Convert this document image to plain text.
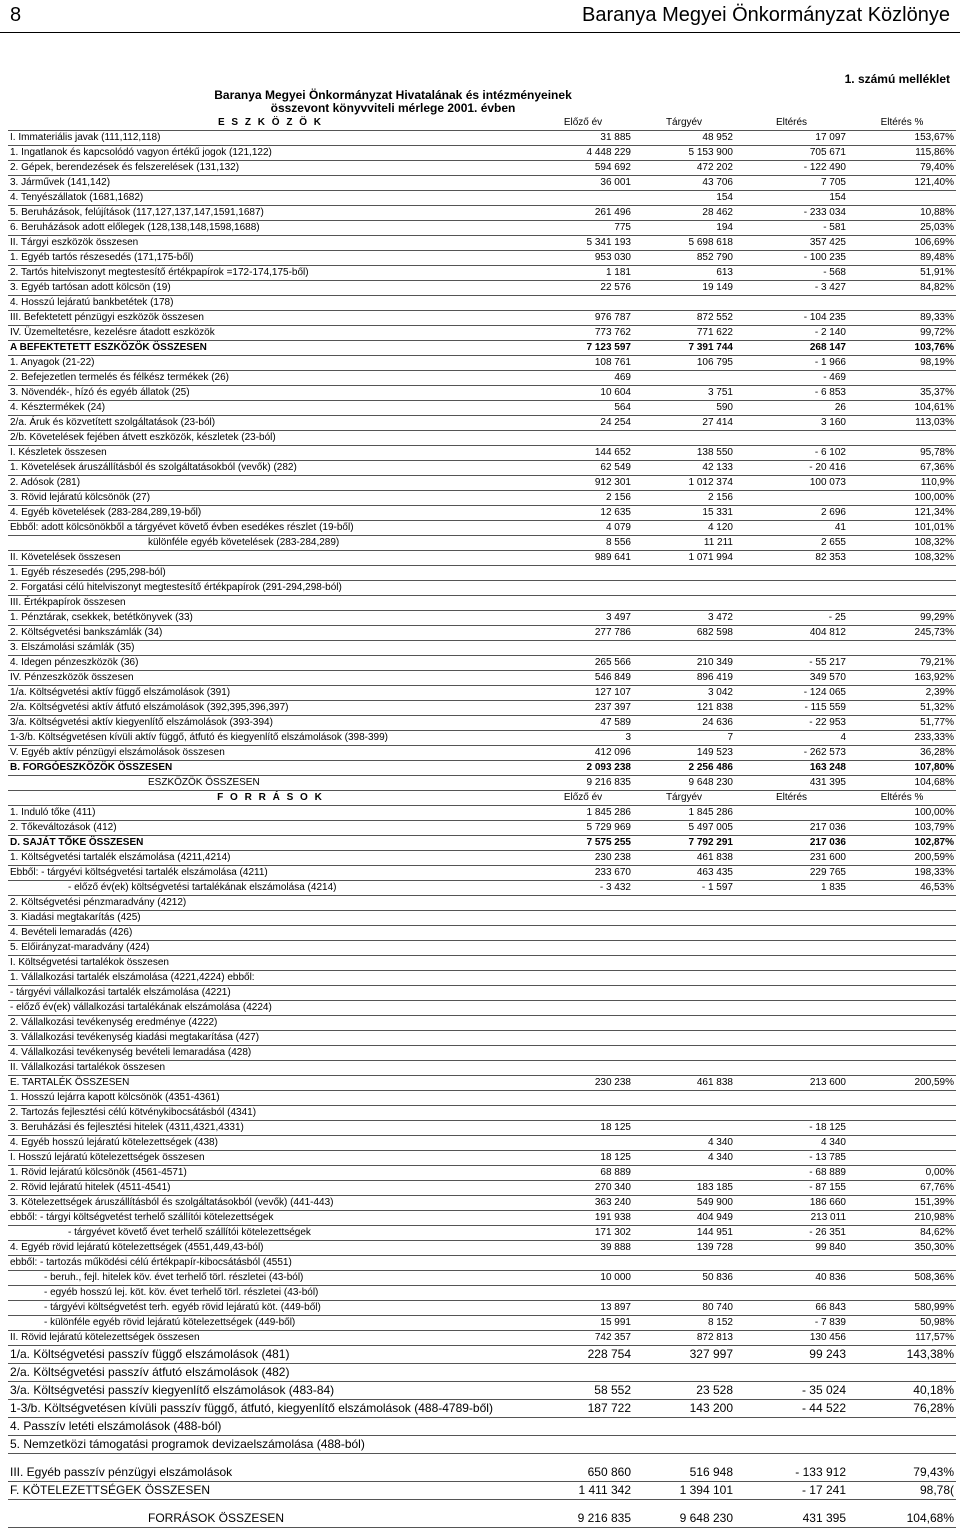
8	Baranya Megyei Önkormányzat Közlönye
1. számú melléklet
Baranya Megyei Önkormányzat Hivatalának és intézményeinek
összevont könyvviteli mérlege 2001. évben
E S Z K Ö Z Ö K	Előző év	Tárgyév	Eltérés	Eltérés %
I. Immateriális javak (111,112,118)	31 885	48 952	17 097	153,67%
1. Ingatlanok és kapcsolódó vagyon értékű jogok (121,122)	4 448 229	5 153 900	705 671	115,86%
2. Gépek, berendezések és felszerelések (131,132)	594 692	472 202	- 122 490	79,40%
3. Járművek (141,142)	36 001	43 706	7 705	121,40%
4. Tenyészállatok (1681,1682)		154	154	
5. Beruházások, felújítások (117,127,137,147,1591,1687)	261 496	28 462	- 233 034	10,88%
6. Beruházások adott előlegek (128,138,148,1598,1688)	775	194	- 581	25,03%
II. Tárgyi eszközök összesen	5 341 193	5 698 618	357 425	106,69%
1. Egyéb tartós részesedés (171,175-ből)	953 030	852 790	- 100 235	89,48%
2. Tartós hitelviszonyt megtestesítő értékpapírok =172-174,175-ből)	1 181	613	- 568	51,91%
3. Egyéb tartósan adott kölcsön (19)	22 576	19 149	- 3 427	84,82%
4. Hosszú lejáratú bankbetétek (178)				
III. Befektetett pénzügyi eszközök összesen	976 787	872 552	- 104 235	89,33%
IV. Üzemeltetésre, kezelésre átadott eszközök	773 762	771 622	- 2 140	99,72%
A BEFEKTETETT ESZKÖZÖK ÖSSZESEN	7 123 597	7 391 744	268 147	103,76%
1. Anyagok (21-22)	108 761	106 795	- 1 966	98,19%
2. Befejezetlen termelés és félkész termékek (26)	469		- 469	
3. Növendék-, hízó és egyéb állatok (25)	10 604	3 751	- 6 853	35,37%
4. Késztermékek (24)	564	590	26	104,61%
2/a. Áruk és közvetített szolgáltatások (23-ból)	24 254	27 414	3 160	113,03%
2/b. Követelések fejében átvett eszközök, készletek (23-ból)				
I. Készletek összesen	144 652	138 550	- 6 102	95,78%
1. Követelések áruszállításból és szolgáltatásokból (vevők) (282)	62 549	42 133	- 20 416	67,36%
2. Adósok (281)	912 301	1 012 374	100 073	110,9%
3. Rövid lejáratú kölcsönök (27)	2 156	2 156		100,00%
4. Egyéb követelések (283-284,289,19-ből)	12 635	15 331	2 696	121,34%
Ebből: adott kölcsönökből a tárgyévet követő évben esedékes részlet (19-ből)	4 079	4 120	41	101,01%
különféle egyéb követelések (283-284,289)	8 556	11 211	2 655	108,32%
II. Követelések összesen	989 641	1 071 994	82 353	108,32%
1. Egyéb részesedés (295,298-ból)				
2. Forgatási célú hitelviszonyt megtestesítő értékpapírok (291-294,298-ból)				
III. Értékpapírok összesen				
1. Pénztárak, csekkek, betétkönyvek (33)	3 497	3 472	- 25	99,29%
2. Költségvetési bankszámlák (34)	277 786	682 598	404 812	245,73%
3. Elszámolási számlák (35)				
4. Idegen pénzeszközök (36)	265 566	210 349	- 55 217	79,21%
IV. Pénzeszközök összesen	546 849	896 419	349 570	163,92%
1/a. Költségvetési aktív függő elszámolások (391)	127 107	3 042	- 124 065	2,39%
2/a. Költségvetési aktív átfutó elszámolások (392,395,396,397)	237 397	121 838	- 115 559	51,32%
3/a. Költségvetési aktív kiegyenlítő elszámolások (393-394)	47 589	24 636	- 22 953	51,77%
1-3/b. Költségvetésen kívüli aktív függő, átfutó és kiegyenlítő elszámolások (398-399)	3	7	4	233,33%
V. Egyéb aktív pénzügyi elszámolások összesen	412 096	149 523	- 262 573	36,28%
B. FORGÓESZKÖZÖK ÖSSZESEN	2 093 238	2 256 486	163 248	107,80%
ESZKÖZÖK ÖSSZESEN	9 216 835	9 648 230	431 395	104,68%
F O R R Á S O K	Előző év	Tárgyév	Eltérés	Eltérés %
1. Induló tőke (411)	1 845 286	1 845 286		100,00%
2. Tőkeváltozások (412)	5 729 969	5 497 005	217 036	103,79%
D. SAJÁT TŐKE ÖSSZESEN	7 575 255	7 792 291	217 036	102,87%
1. Költségvetési tartalék elszámolása (4211,4214)	230 238	461 838	231 600	200,59%
Ebből: - tárgyévi költségvetési tartalék elszámolása (4211)	233 670	463 435	229 765	198,33%
- előző év(ek) költségvetési tartalékának elszámolása (4214)	- 3 432	- 1 597	1 835	46,53%
2. Költségvetési pénzmaradvány (4212)				
3. Kiadási megtakarítás (425)				
4. Bevételi lemaradás (426)				
5. Előirányzat-maradvány (424)				
I. Költségvetési tartalékok összesen				
1. Vállalkozási tartalék elszámolása (4221,4224) ebből:				
- tárgyévi vállalkozási tartalék elszámolása (4221)				
- előző év(ek) vállalkozási tartalékának elszámolása (4224)				
2. Vállalkozási tevékenység eredménye (4222)				
3. Vállalkozási tevékenység kiadási megtakarítása (427)				
4. Vállalkozási tevékenység bevételi lemaradása (428)				
II. Vállalkozási tartalékok összesen				
E. TARTALÉK ÖSSZESEN	230 238	461 838	213 600	200,59%
1. Hosszú lejárra kapott kölcsönök (4351-4361)				
2. Tartozás fejlesztési célú kötvénykibocsátásból (4341)				
3. Beruházási és fejlesztési hitelek (4311,4321,4331)	18 125		- 18 125	
4. Egyéb hosszú lejáratú kötelezettségek (438)		4 340	4 340	
I. Hosszú lejáratú kötelezettségek összesen	18 125	4 340	- 13 785	
1. Rövid lejáratú kölcsönök (4561-4571)	68 889		- 68 889	0,00%
2. Rövid lejáratú hitelek (4511-4541)	270 340	183 185	- 87 155	67,76%
3. Kötelezettségek áruszállításból és szolgáltatásokból (vevők) (441-443)	363 240	549 900	186 660	151,39%
ebből: - tárgyi költségvetést terhelő szállítói kötelezettségek	191 938	404 949	213 011	210,98%
- tárgyévet követő évet terhelő szállítói kötelezettségek	171 302	144 951	- 26 351	84,62%
4. Egyéb rövid lejáratú kötelezettségek (4551,449,43-ból)	39 888	139 728	99 840	350,30%
ebből: - tartozás működési célú értékpapír-kibocsátásból (4551)				
- beruh., fejl. hitelek köv. évet terhelő törl. részletei (43-ból)	10 000	50 836	40 836	508,36%
- egyéb hosszú lej. köt. köv. évet terhelő törl. részletei (43-ból)				
- tárgyévi költségvetést terh. egyéb rövid lejáratú köt. (449-ből)	13 897	80 740	66 843	580,99%
- különféle egyéb rövid lejáratú kötelezettségek (449-ből)	15 991	8 152	- 7 839	50,98%
II. Rövid lejáratú kötelezettségek összesen	742 357	872 813	130 456	117,57%
1/a. Költségvetési passzív függő elszámolások (481)	228 754	327 997	99 243	143,38%
2/a. Költségvetési passzív átfutó elszámolások (482)				
3/a. Költségvetési passzív kiegyenlítő elszámolások (483-84)	58 552	23 528	- 35 024	40,18%
1-3/b. Költségvetésen kívüli passzív függő, átfutó, kiegyenlítő elszámolások (488-4789-ből)	187 722	143 200	- 44 522	76,28%
4. Passzív letéti elszámolások (488-ból)				
5. Nemzetközi támogatási programok devizaelszámolása (488-ból)				

III. Egyéb passzív pénzügyi elszámolások	650 860	516 948	- 133 912	79,43%
F. KÖTELEZETTSÉGEK ÖSSZESEN	1 411 342	1 394 101	- 17 241	98,78(

FORRÁSOK ÖSSZESEN	9 216 835	9 648 230	431 395	104,68%
